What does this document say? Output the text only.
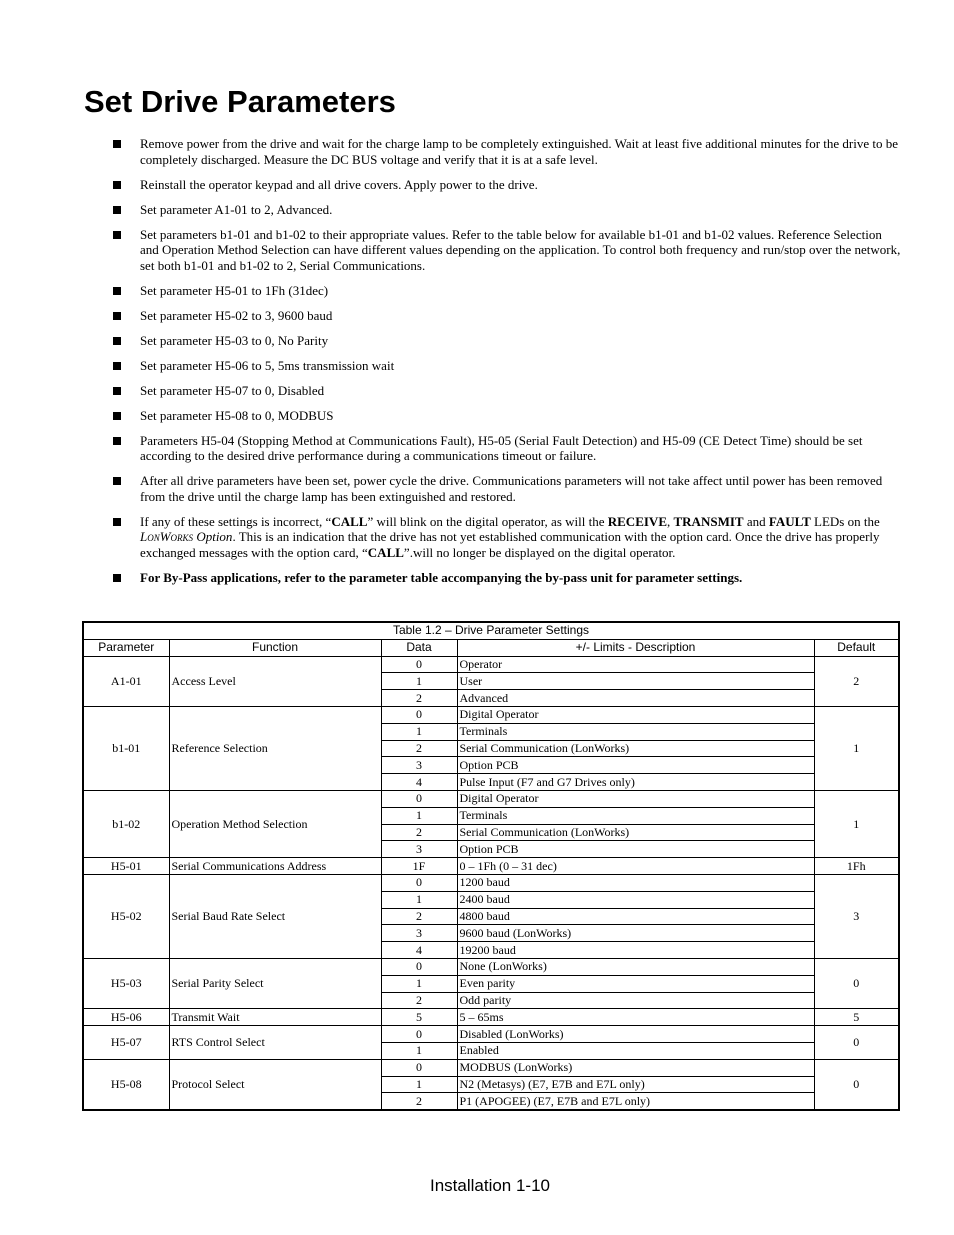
Set Drive Parameters
Remove power from the drive and wait for the charge lamp to be completely extinguished. Wait at least five additional minutes for the drive to be completely discharged. Measure the DC BUS voltage and verify that it is at a safe level.
Reinstall the operator keypad and all drive covers. Apply power to the drive.
Set parameter A1-01 to 2, Advanced.
Set parameters b1-01 and b1-02 to their appropriate values. Refer to the table below for available b1-01 and b1-02 values. Reference Selection and Operation Method Selection can have different values depending on the application. To control both frequency and run/stop over the network, set both b1-01 and b1-02 to 2, Serial Communications.
Set parameter H5-01 to 1Fh (31dec)
Set parameter H5-02 to 3, 9600 baud
Set parameter H5-03 to 0, No Parity
Set parameter H5-06 to 5, 5ms transmission wait
Set parameter H5-07 to 0, Disabled
Set parameter H5-08 to 0, MODBUS
Parameters H5-04 (Stopping Method at Communications Fault), H5-05 (Serial Fault Detection) and H5-09 (CE Detect Time) should be set according to the desired drive performance during a communications timeout or failure.
After all drive parameters have been set, power cycle the drive. Communications parameters will not take affect until power has been removed from the drive until the charge lamp has been extinguished and restored.
If any of these settings is incorrect, “CALL” will blink on the digital operator, as will the RECEIVE, TRANSMIT and FAULT LEDs on the LonWorks Option. This is an indication that the drive has not yet established communication with the option card. Once the drive has properly exchanged messages with the option card, “CALL”.will no longer be displayed on the digital operator.
For By-Pass applications, refer to the parameter table accompanying the by-pass unit for parameter settings.
Table 1.2 – Drive Parameter Settings				
Parameter	Function	Data	+/- Limits - Description	Default
A1-01	Access Level	0	Operator	2
		1	User	
		2	Advanced	
b1-01	Reference Selection	0	Digital Operator	1
		1	Terminals	
		2	Serial Communication (LonWorks)	
		3	Option PCB	
		4	Pulse Input (F7 and G7 Drives only)	
b1-02	Operation Method Selection	0	Digital Operator	1
		1	Terminals	
		2	Serial Communication (LonWorks)	
		3	Option PCB	
H5-01	Serial Communications Address	1F	0 – 1Fh (0 – 31 dec)	1Fh
H5-02	Serial Baud Rate Select	0	1200 baud	3
		1	2400 baud	
		2	4800 baud	
		3	9600 baud (LonWorks)	
		4	19200 baud	
H5-03	Serial Parity Select	0	None (LonWorks)	0
		1	Even parity	
		2	Odd parity	
H5-06	Transmit Wait	5	5 – 65ms	5
H5-07	RTS Control Select	0	Disabled (LonWorks)	0
		1	Enabled	
H5-08	Protocol Select	0	MODBUS (LonWorks)	0
		1	N2 (Metasys) (E7, E7B and E7L only)	
		2	P1 (APOGEE) (E7, E7B and E7L only)	
Installation 1-10
